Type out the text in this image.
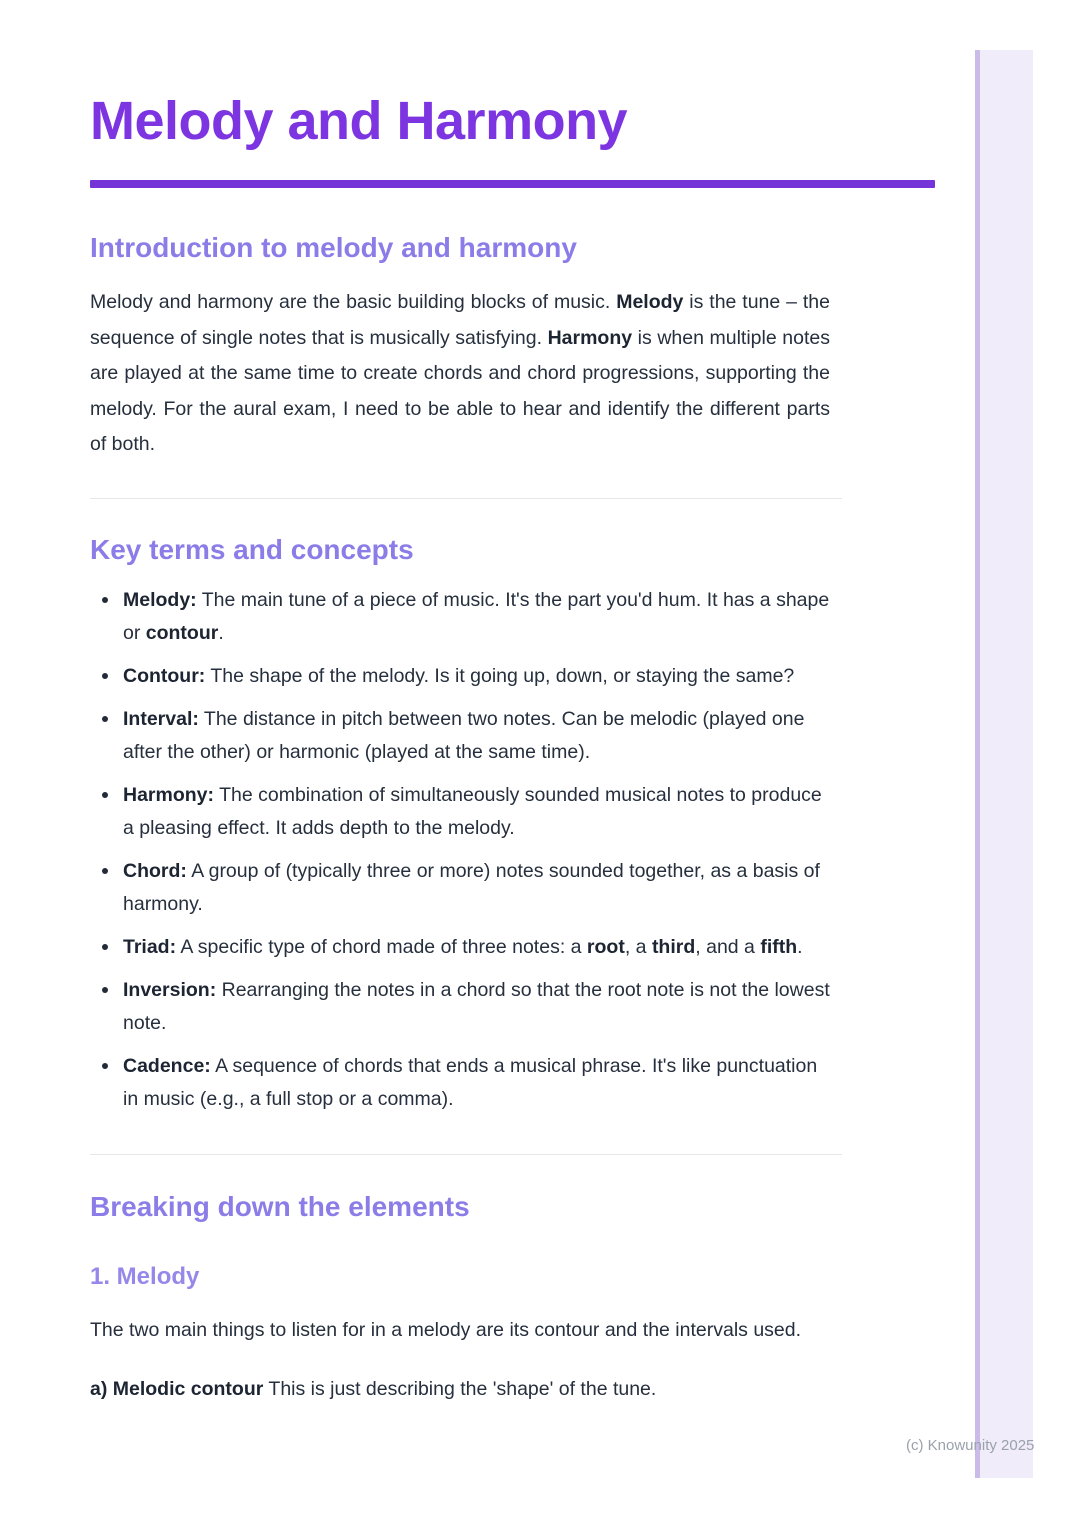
Melody and Harmony
Introduction to melody and harmony

Melody and harmony are the basic building blocks of music. Melody is the tune – the sequence of single notes that is musically satisfying. Harmony is when multiple notes are played at the same time to create chords and chord progressions, supporting the melody. For the aural exam, I need to be able to hear and identify the different parts of both.

Key terms and concepts
Melody: The main tune of a piece of music. It's the part you'd hum. It has a shape or contour.
Contour: The shape of the melody. Is it going up, down, or staying the same?
Interval: The distance in pitch between two notes. Can be melodic (played one after the other) or harmonic (played at the same time).
Harmony: The combination of simultaneously sounded musical notes to produce a pleasing effect. It adds depth to the melody.
Chord: A group of (typically three or more) notes sounded together, as a basis of harmony.
Triad: A specific type of chord made of three notes: a root, a third, and a fifth.
Inversion: Rearranging the notes in a chord so that the root note is not the lowest note.
Cadence: A sequence of chords that ends a musical phrase. It's like punctuation in music (e.g., a full stop or a comma).
Breaking down the elements
1. Melody

The two main things to listen for in a melody are its contour and the intervals used.

a) Melodic contour This is just describing the 'shape' of the tune.

(c) Knowunity 2025
